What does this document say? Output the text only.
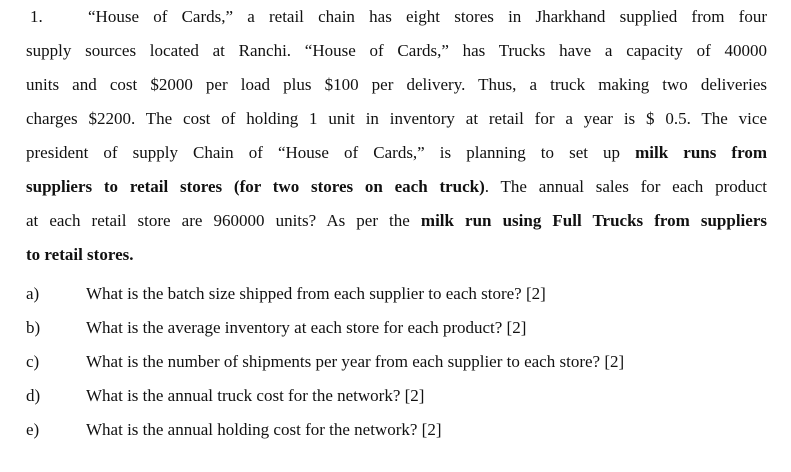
1.	“House of Cards,” a retail chain has eight stores in Jharkhand supplied from four
supply sources located at Ranchi. “House of Cards,” has Trucks have a capacity of 40000
units and cost $2000 per load plus $100 per delivery. Thus, a truck making two deliveries
charges $2200. The cost of holding 1 unit in inventory at retail for a year is $ 0.5. The vice
president of supply Chain of “House of Cards,” is planning to set up milk runs from
suppliers to retail stores (for two stores on each truck). The annual sales for each product
at each retail store are 960000 units? As per the milk run using Full Trucks from suppliers
to retail stores.
a)	What is the batch size shipped from each supplier to each store? [2]
b)	What is the average inventory at each store for each product? [2]
c)	What is the number of shipments per year from each supplier to each store? [2]
d)	What is the annual truck cost for the network? [2]
e)	What is the annual holding cost for the network? [2]
